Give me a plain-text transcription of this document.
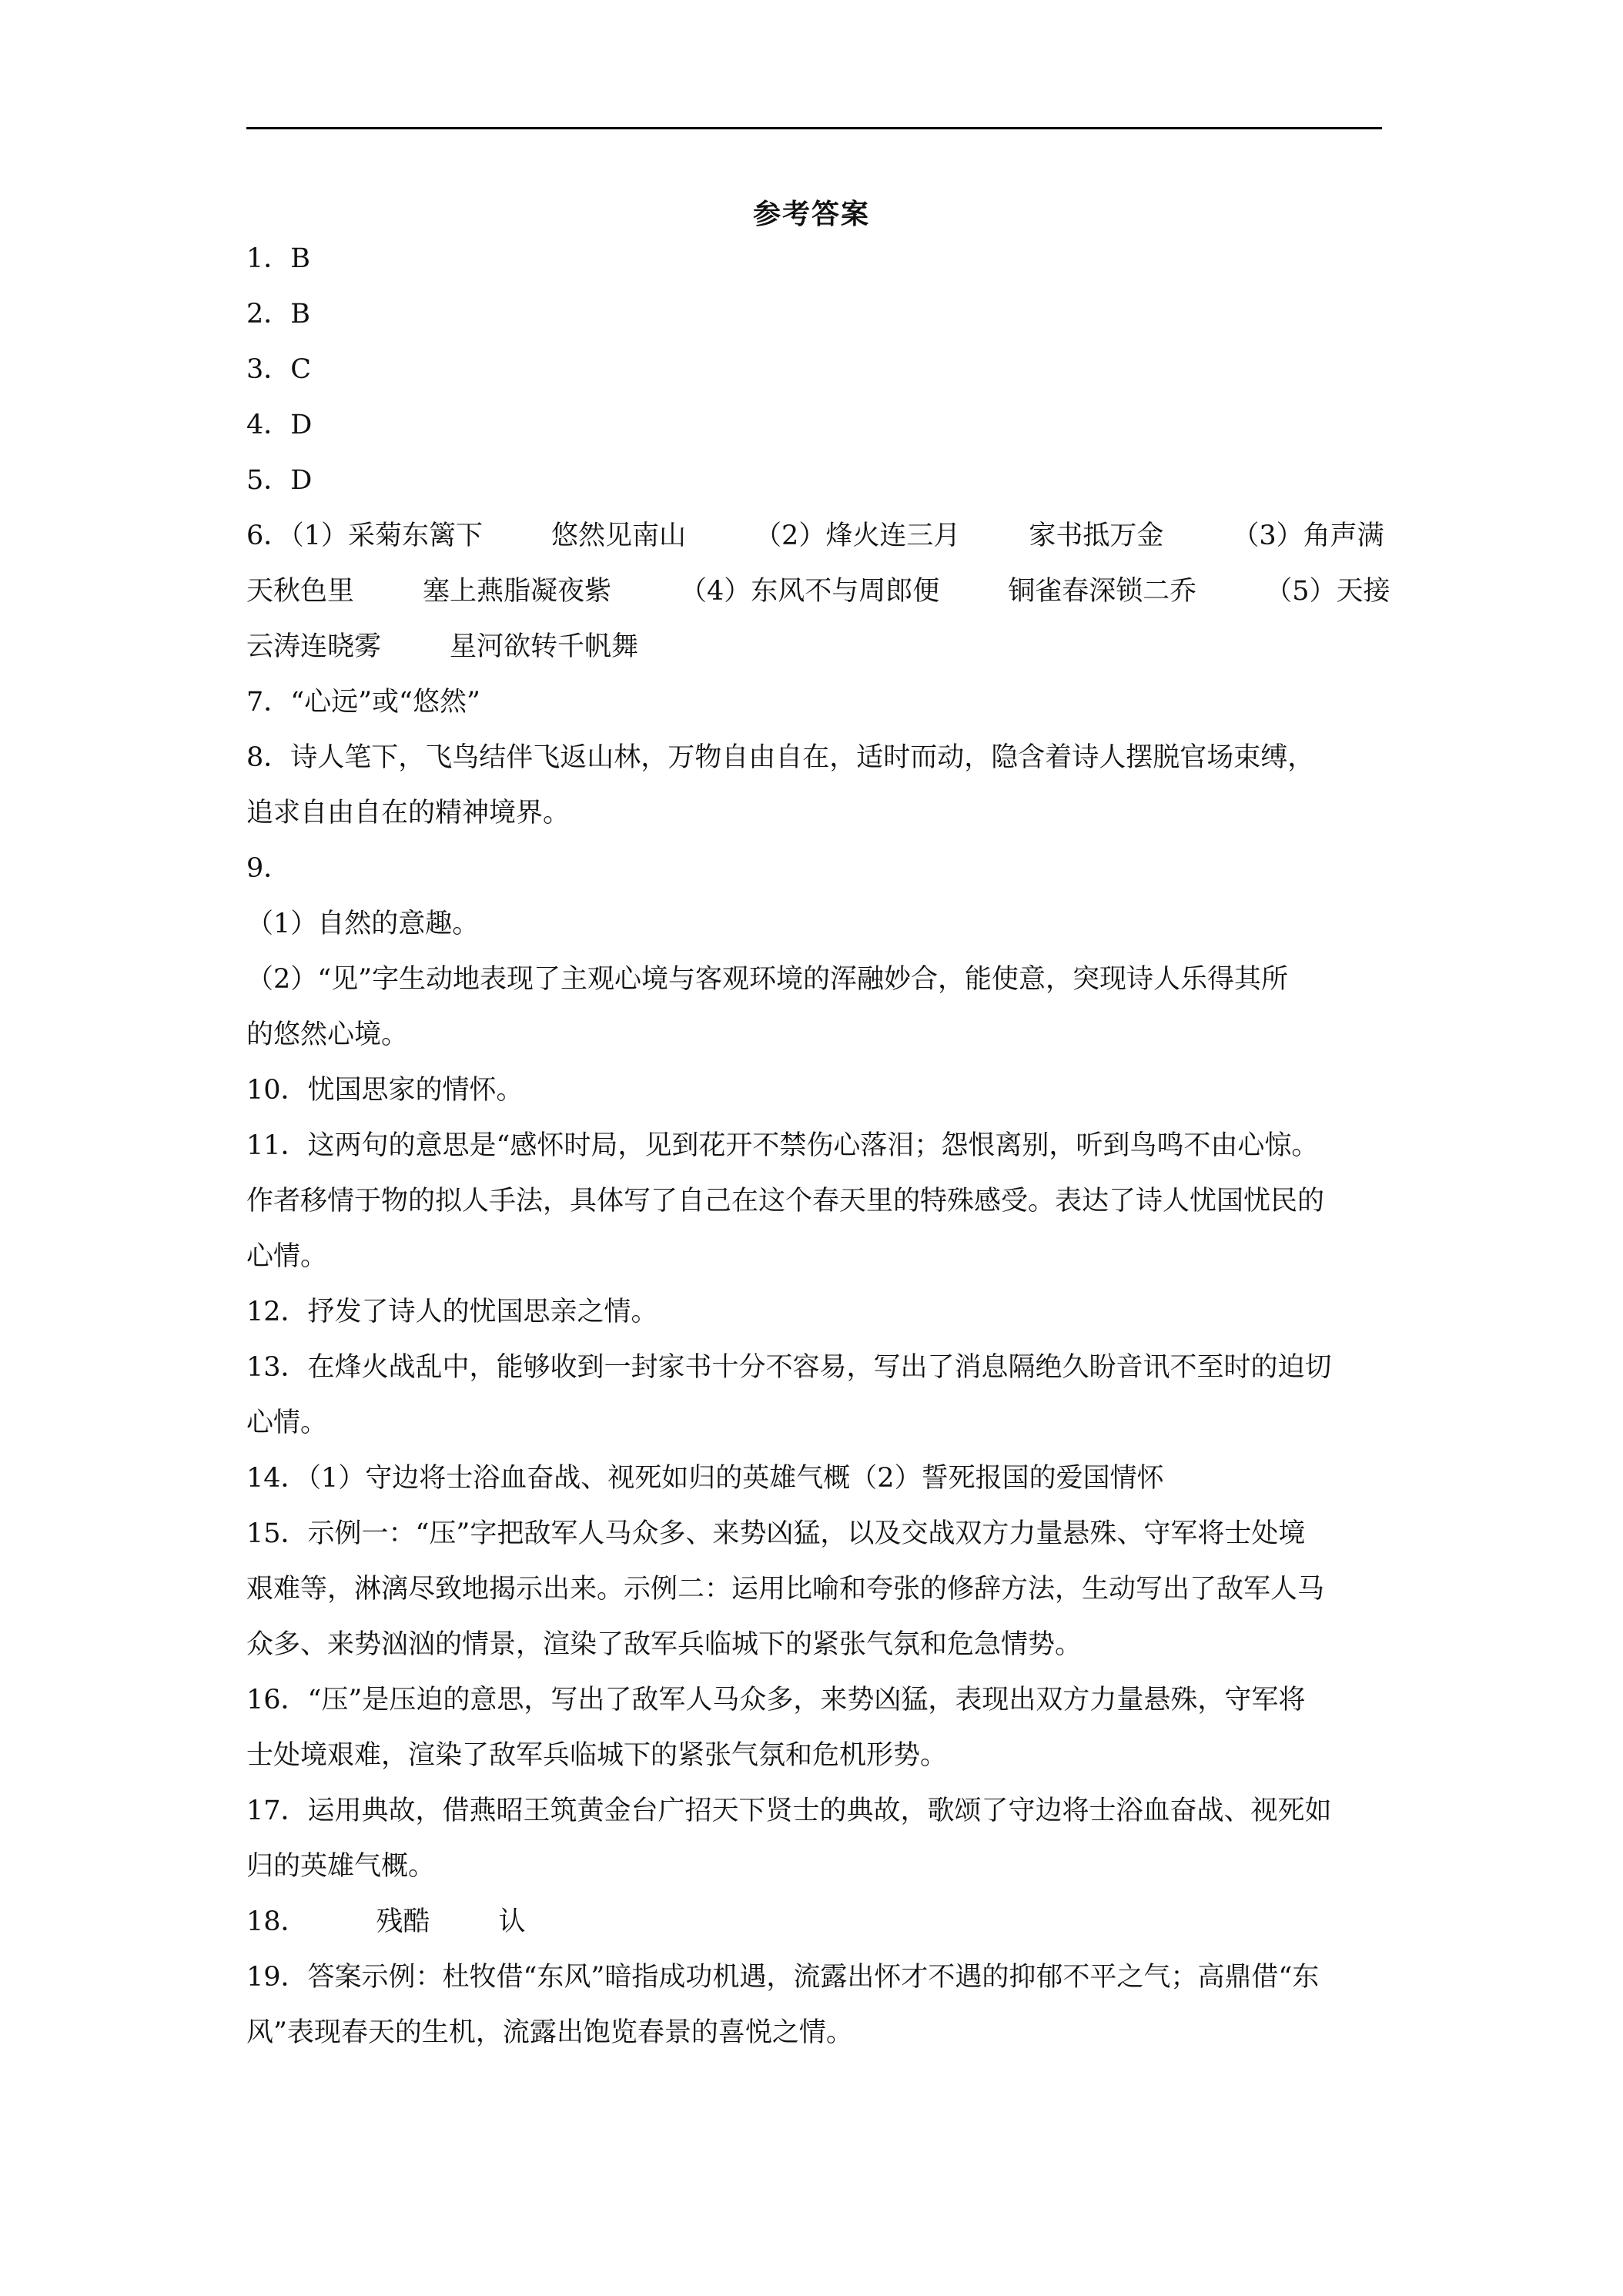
参考答案
1．B
2．B
3．C
4．D
5．D
6．（1）采菊东篱下        悠然见南山        （2）烽火连三月        家书抵万金        （3）角声满
天秋色里        塞上燕脂凝夜紫        （4）东风不与周郎便        铜雀春深锁二乔        （5）天接
云涛连晓雾        星河欲转千帆舞
7．“心远”或“悠然”
8．诗人笔下，飞鸟结伴飞返山林，万物自由自在，适时而动，隐含着诗人摆脱官场束缚，
追求自由自在的精神境界。
9．
（1）自然的意趣。
（2）“见”字生动地表现了主观心境与客观环境的浑融妙合，能使意，突现诗人乐得其所
的悠然心境。
10．忧国思家的情怀。
11．这两句的意思是“感怀时局，见到花开不禁伤心落泪；怨恨离别，听到鸟鸣不由心惊。
作者移情于物的拟人手法，具体写了自己在这个春天里的特殊感受。表达了诗人忧国忧民的
心情。
12．抒发了诗人的忧国思亲之情。
13．在烽火战乱中，能够收到一封家书十分不容易，写出了消息隔绝久盼音讯不至时的迫切
心情。
14．（1）守边将士浴血奋战、视死如归的英雄气概（2）誓死报国的爱国情怀
15．示例一：“压”字把敌军人马众多、来势凶猛，以及交战双方力量悬殊、守军将士处境
艰难等，淋漓尽致地揭示出来。示例二：运用比喻和夸张的修辞方法，生动写出了敌军人马
众多、来势汹汹的情景，渲染了敌军兵临城下的紧张气氛和危急情势。
16．“压”是压迫的意思，写出了敌军人马众多，来势凶猛，表现出双方力量悬殊，守军将
士处境艰难，渲染了敌军兵临城下的紧张气氛和危机形势。
17．运用典故，借燕昭王筑黄金台广招天下贤士的典故，歌颂了守边将士浴血奋战、视死如
归的英雄气概。
18．        残酷        认
19．答案示例：杜牧借“东风”暗指成功机遇，流露出怀才不遇的抑郁不平之气；高鼎借“东
风”表现春天的生机，流露出饱览春景的喜悦之情。
